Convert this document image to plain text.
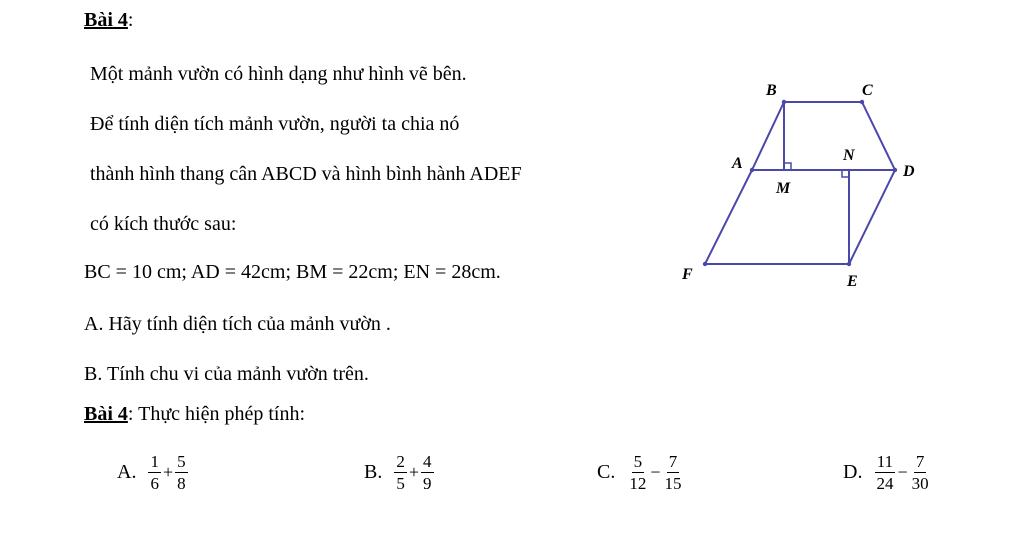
Bài 4:
Một mảnh vườn có hình dạng như hình vẽ bên.
Để tính diện tích mảnh vườn, người ta chia nó
thành hình thang cân ABCD và hình bình hành ADEF
có kích thước sau:
BC = 10 cm; AD = 42cm; BM = 22cm; EN = 28cm.
A. Hãy tính diện tích của mảnh vườn .
B. Tính chu vi của mảnh vườn trên.
Bài 4: Thực hiện phép tính:
A. $\frac{1}{6} + \frac{5}{8}$	B. $\frac{2}{5} + \frac{4}{9}$	C. $\frac{5}{12} - \frac{7}{15}$	D. $\frac{11}{24} - \frac{7}{30}$
B	C
A	N
D
M
F	E
